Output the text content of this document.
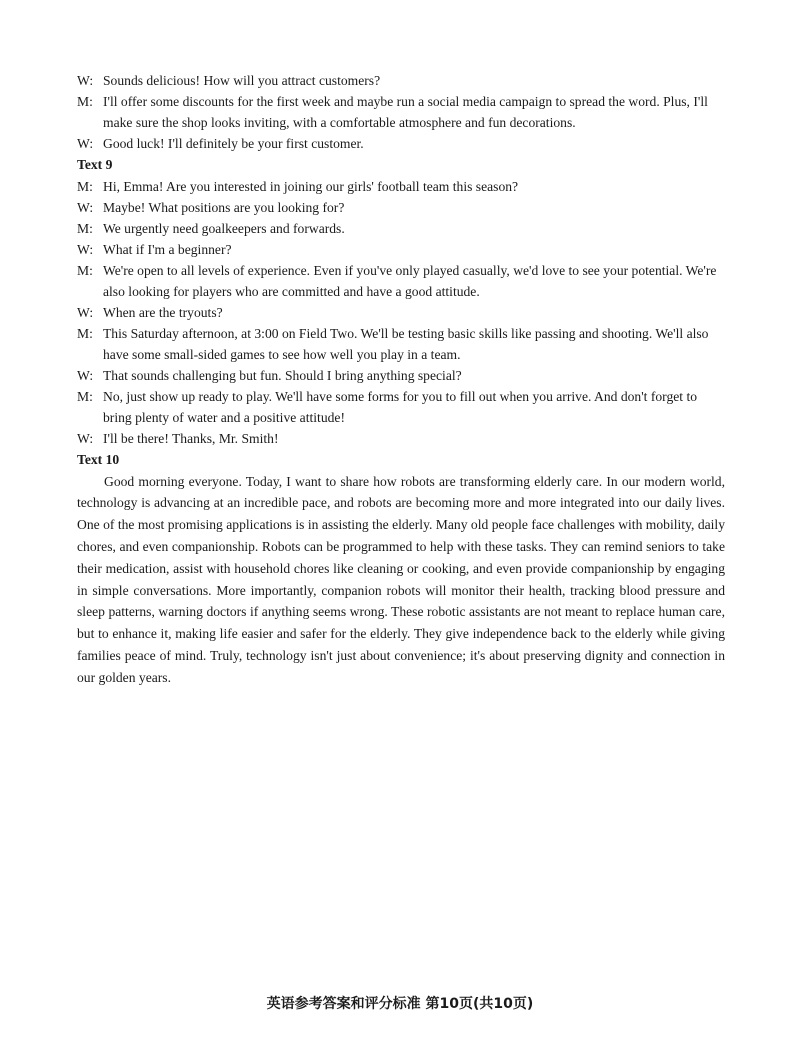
W: Sounds delicious! How will you attract customers?
M: I'll offer some discounts for the first week and maybe run a social media campaign to spread the word. Plus, I'll make sure the shop looks inviting, with a comfortable atmosphere and fun decorations.
W: Good luck! I'll definitely be your first customer.
Text 9
M: Hi, Emma! Are you interested in joining our girls' football team this season?
W: Maybe! What positions are you looking for?
M: We urgently need goalkeepers and forwards.
W: What if I'm a beginner?
M: We're open to all levels of experience. Even if you've only played casually, we'd love to see your potential. We're also looking for players who are committed and have a good attitude.
W: When are the tryouts?
M: This Saturday afternoon, at 3:00 on Field Two. We'll be testing basic skills like passing and shooting. We'll also have some small-sided games to see how well you play in a team.
W: That sounds challenging but fun. Should I bring anything special?
M: No, just show up ready to play. We'll have some forms for you to fill out when you arrive. And don't forget to bring plenty of water and a positive attitude!
W: I'll be there! Thanks, Mr. Smith!
Text 10

Good morning everyone. Today, I want to share how robots are transforming elderly care. In our modern world, technology is advancing at an incredible pace, and robots are becoming more and more integrated into our daily lives. One of the most promising applications is in assisting the elderly. Many old people face challenges with mobility, daily chores, and even companionship. Robots can be programmed to help with these tasks. They can remind seniors to take their medication, assist with household chores like cleaning or cooking, and even provide companionship by engaging in simple conversations. More importantly, companion robots will monitor their health, tracking blood pressure and sleep patterns, warning doctors if anything seems wrong. These robotic assistants are not meant to replace human care, but to enhance it, making life easier and safer for the elderly. They give independence back to the elderly while giving families peace of mind. Truly, technology isn't just about convenience; it's about preserving dignity and connection in our golden years.

英语参考答案和评分标准 第10页(共10页)
